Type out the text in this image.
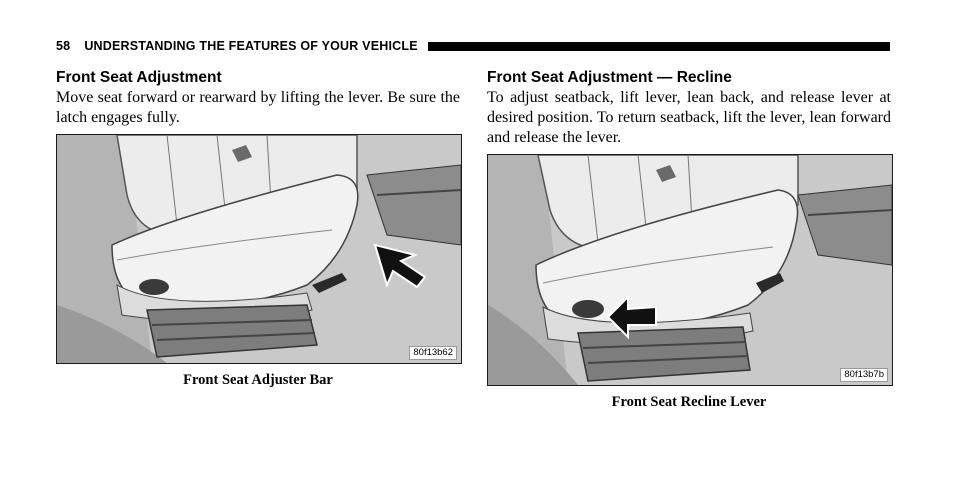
58 UNDERSTANDING THE FEATURES OF YOUR VEHICLE
Front Seat Adjustment

Move seat forward or rearward by lifting the lever. Be sure the latch engages fully.

80f13b62
Front Seat Adjuster Bar
Front Seat Adjustment — Recline

To adjust seatback, lift lever, lean back, and release lever at desired position. To return seatback, lift the lever, lean forward and release the lever.

80f13b7b
Front Seat Recline Lever
